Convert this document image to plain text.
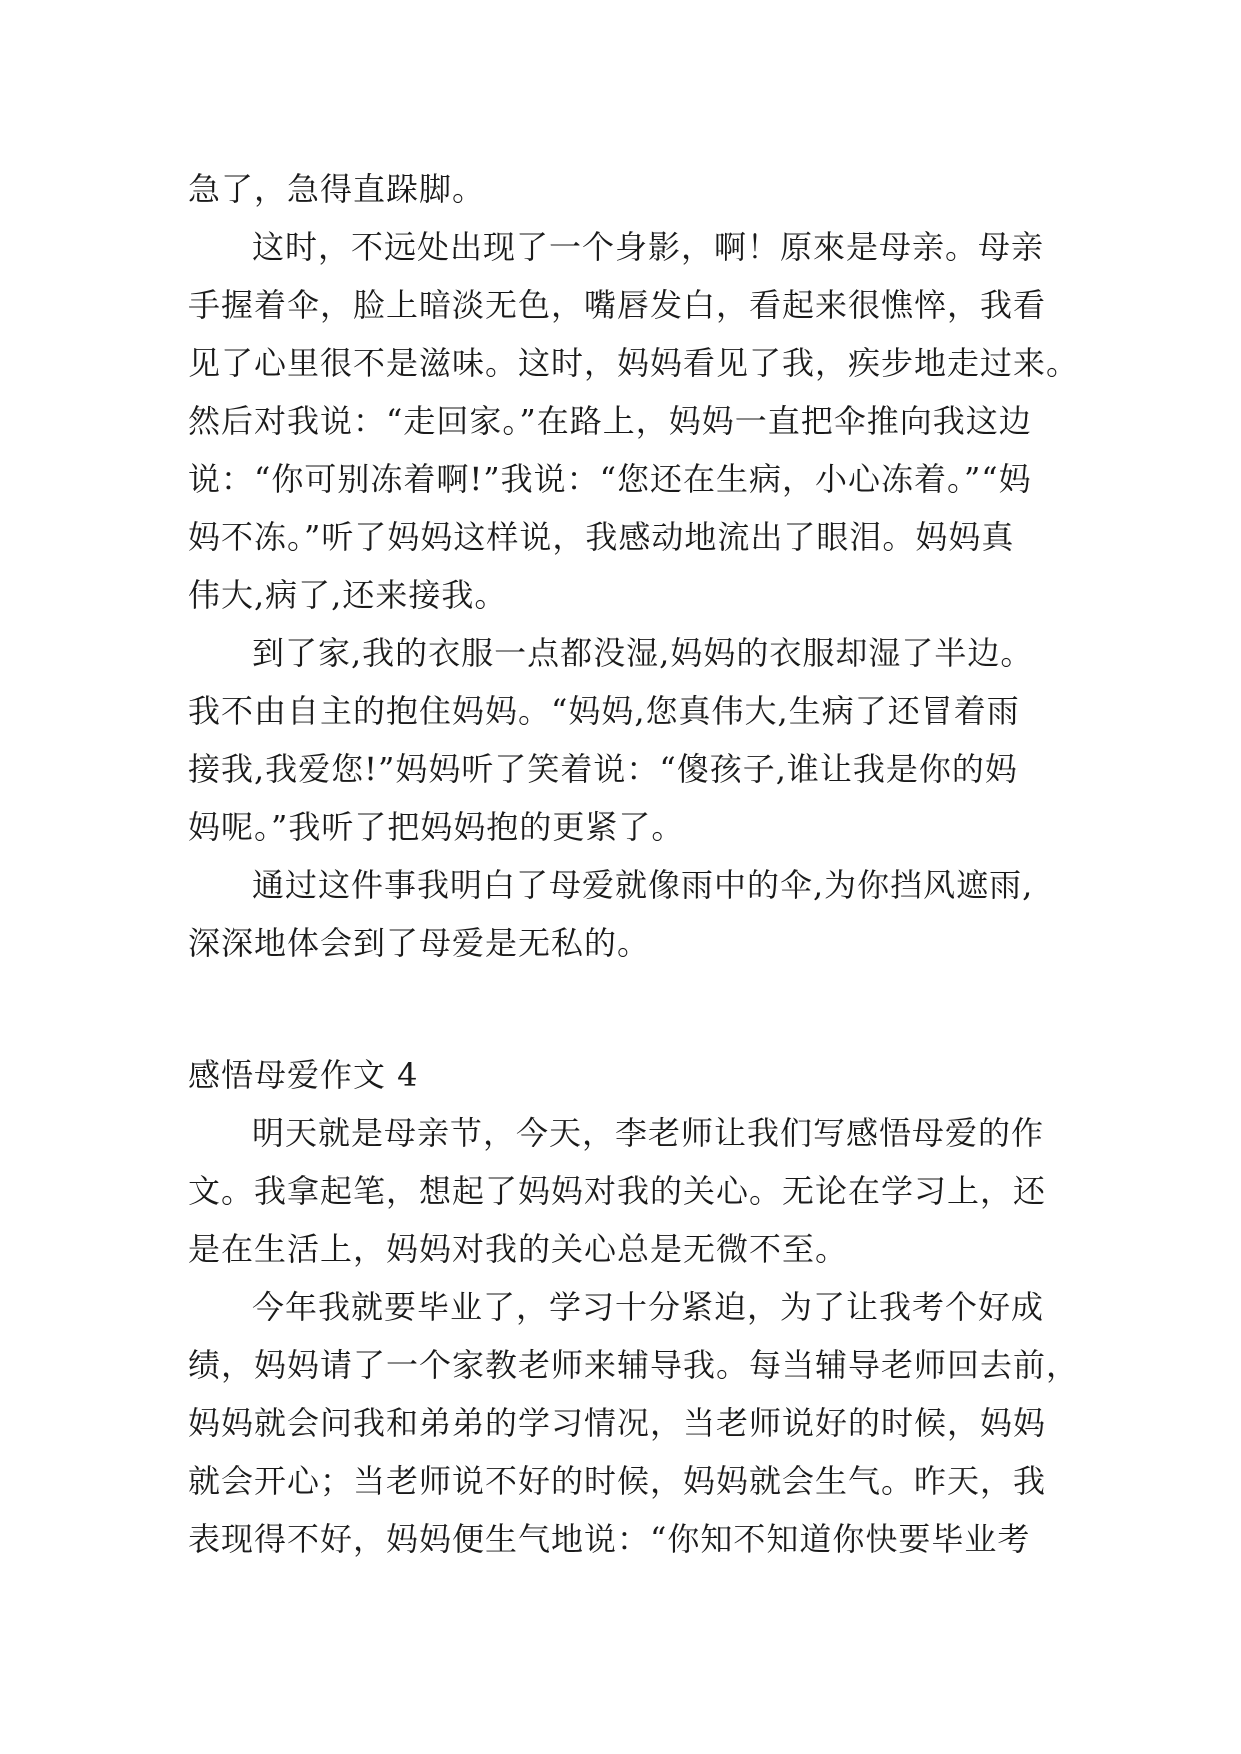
急了，急得直跺脚。
这时，不远处出现了一个身影，啊！原來是母亲。母亲
手握着伞，脸上暗淡无色，嘴唇发白，看起来很憔悴，我看
见了心里很不是滋味。这时，妈妈看见了我，疾步地走过来。
然后对我说：“走回家。”在路上，妈妈一直把伞推向我这边
说：“你可别冻着啊!”我说：“您还在生病，小心冻着。”“妈
妈不冻。”听了妈妈这样说，我感动地流出了眼泪。妈妈真
伟大,病了,还来接我。
到了家,我的衣服一点都没湿,妈妈的衣服却湿了半边。
我不由自主的抱住妈妈。“妈妈,您真伟大,生病了还冒着雨
接我,我爱您!”妈妈听了笑着说：“傻孩子,谁让我是你的妈
妈呢。”我听了把妈妈抱的更紧了。
通过这件事我明白了母爱就像雨中的伞,为你挡风遮雨,
深深地体会到了母爱是无私的。
感悟母爱作文 4
明天就是母亲节，今天，李老师让我们写感悟母爱的作
文。我拿起笔，想起了妈妈对我的关心。无论在学习上，还
是在生活上，妈妈对我的关心总是无微不至。
今年我就要毕业了，学习十分紧迫，为了让我考个好成
绩，妈妈请了一个家教老师来辅导我。每当辅导老师回去前，
妈妈就会问我和弟弟的学习情况，当老师说好的时候，妈妈
就会开心；当老师说不好的时候，妈妈就会生气。昨天，我
表现得不好，妈妈便生气地说：“你知不知道你快要毕业考
